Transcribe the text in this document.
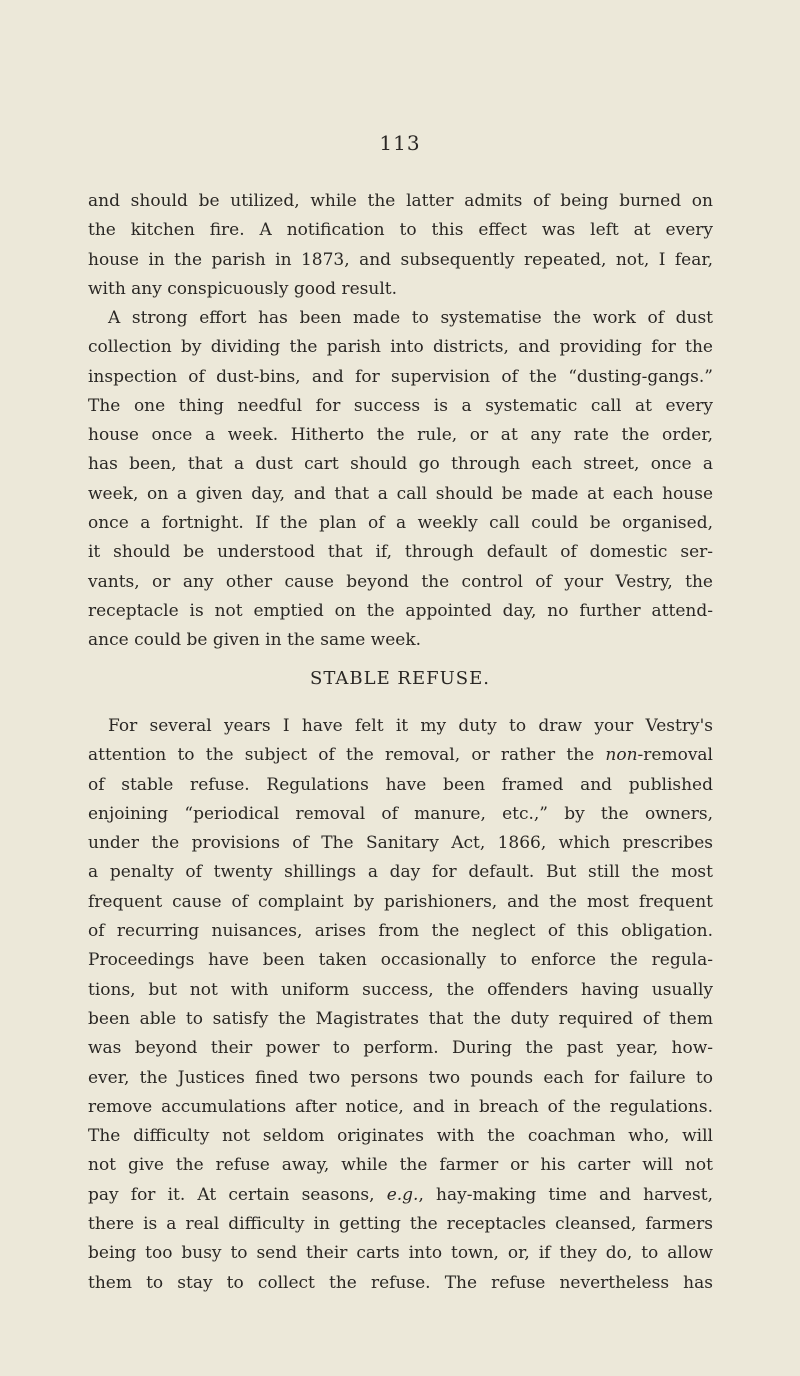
113
and should be utilized, while the latter admits of being burned on
the kitchen fire. A notification to this effect was left at every
house in the parish in 1873, and subsequently repeated, not, I fear,
with any conspicuously good result.
A strong effort has been made to systematise the work of dust
collection by dividing the parish into districts, and providing for the
inspection of dust-bins, and for supervision of the “dusting-gangs.”
The one thing needful for success is a systematic call at every
house once a week. Hitherto the rule, or at any rate the order,
has been, that a dust cart should go through each street, once a
week, on a given day, and that a call should be made at each house
once a fortnight. If the plan of a weekly call could be organised,
it should be understood that if, through default of domestic ser-
vants, or any other cause beyond the control of your Vestry, the
receptacle is not emptied on the appointed day, no further attend-
ance could be given in the same week.
STABLE REFUSE.
For several years I have felt it my duty to draw your Vestry's
attention to the subject of the removal, or rather the non-removal
of stable refuse. Regulations have been framed and published
enjoining “periodical removal of manure, etc.,” by the owners,
under the provisions of The Sanitary Act, 1866, which prescribes
a penalty of twenty shillings a day for default. But still the most
frequent cause of complaint by parishioners, and the most frequent
of recurring nuisances, arises from the neglect of this obligation.
Proceedings have been taken occasionally to enforce the regula-
tions, but not with uniform success, the offenders having usually
been able to satisfy the Magistrates that the duty required of them
was beyond their power to perform. During the past year, how-
ever, the Justices fined two persons two pounds each for failure to
remove accumulations after notice, and in breach of the regulations.
The difficulty not seldom originates with the coachman who, will
not give the refuse away, while the farmer or his carter will not
pay for it. At certain seasons, e.g., hay-making time and harvest,
there is a real difficulty in getting the receptacles cleansed, farmers
being too busy to send their carts into town, or, if they do, to allow
them to stay to collect the refuse. The refuse nevertheless has
